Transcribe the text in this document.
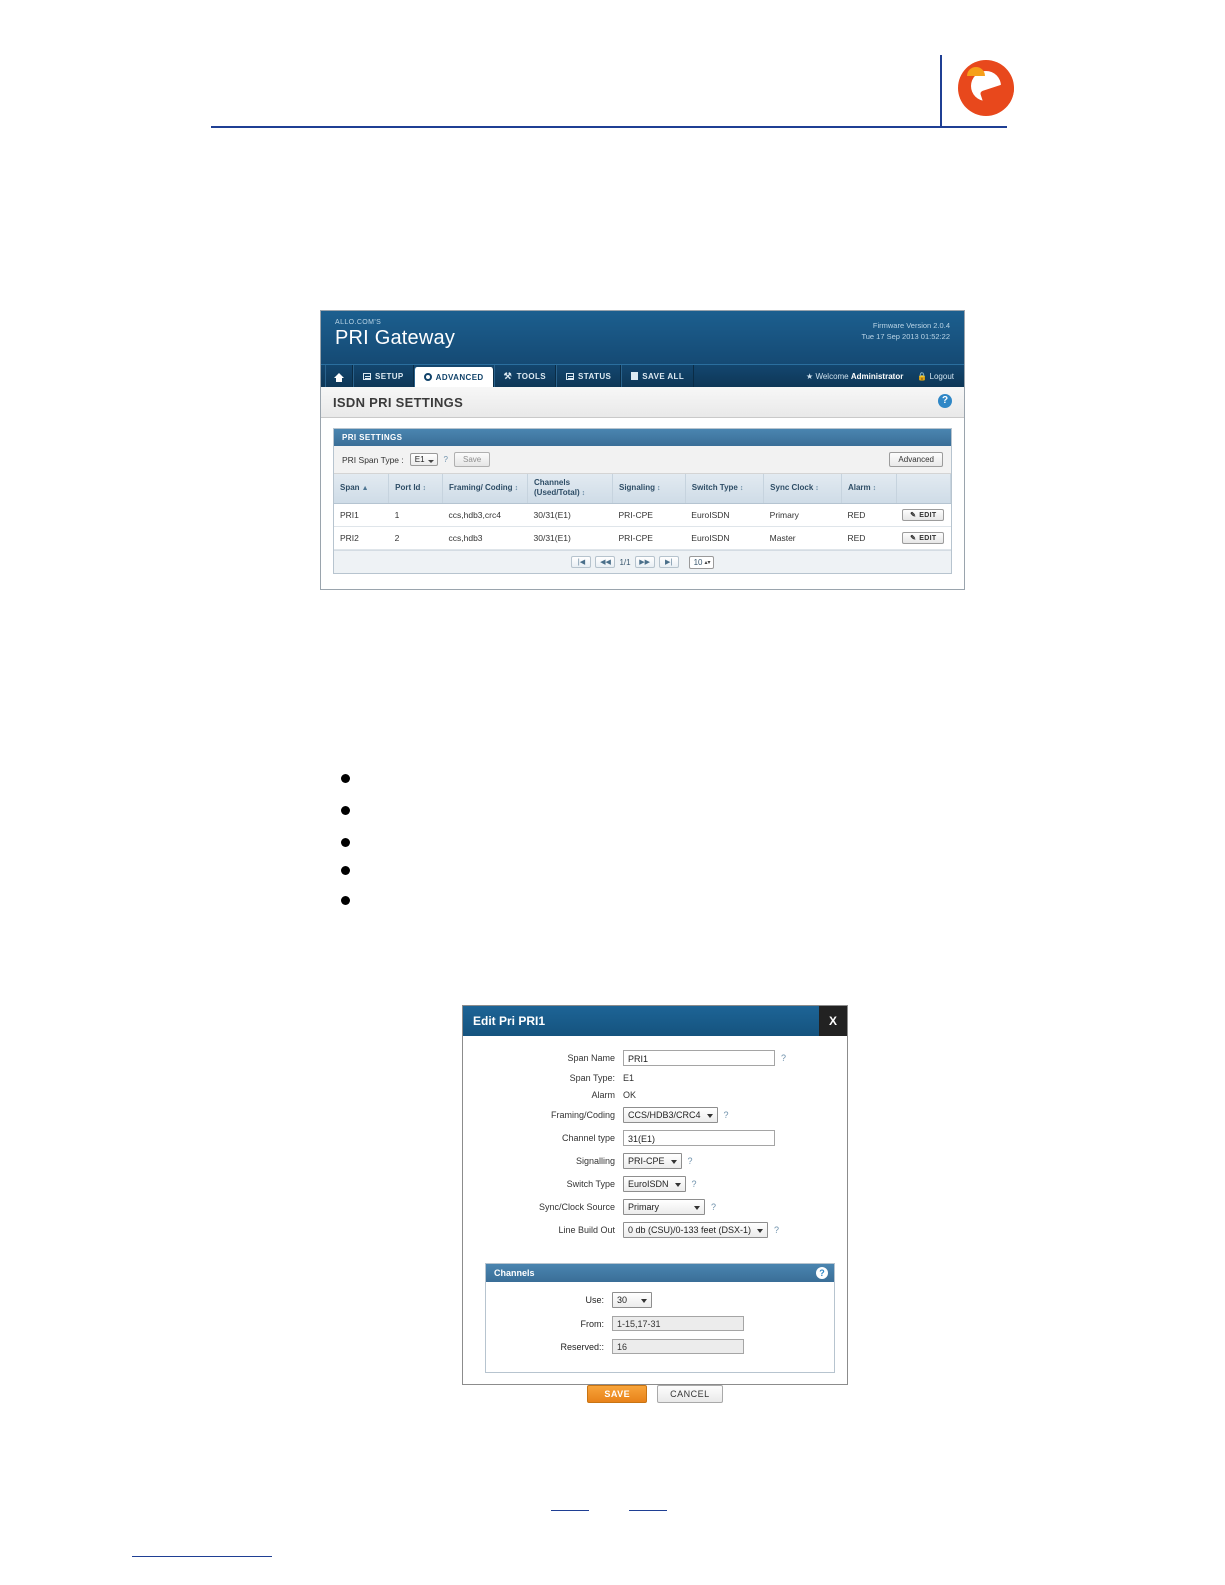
ALLO.COM'S
PRI Gateway
Firmware Version 2.0.4
Tue 17 Sep 2013 01:52:22
SETUP	ADVANCED ⚒ TOOLS	STATUS	SAVE ALL	★ Welcome Administrator 🔒 Logout
ISDN PRI SETTINGS	?
PRI SETTINGS
PRI Span Type :	E1	?	Save	Advanced
Span ▲	Port Id ↕	Framing/ Coding ↕	Channels (Used/Total) ↕	Signaling ↕	Switch Type ↕	Sync Clock ↕	Alarm ↕	
PRI1	1	ccs,hdb3,crc4	30/31(E1)	PRI-CPE	EuroISDN	Primary	RED	✎ EDIT

PRI2	2	ccs,hdb3	30/31(E1)	PRI-CPE	EuroISDN	Master	RED	✎ EDIT
|◀	◀◀	1/1	▶▶	▶|	10 ▴▾
Edit Pri PRI1	X
Span Name	PRI1	?
Span Type: E1
Alarm OK
Framing/Coding	CCS/HDB3/CRC4	?
Channel type	31(E1)
Signalling	PRI-CPE	?
Switch Type	EuroISDN	?
Sync/Clock Source	Primary	?
Line Build Out	0 db (CSU)/0-133 feet (DSX-1)	?
Channels	?
Use:	30
From:	1-15,17-31
Reserved::	16
SAVE	CANCEL
